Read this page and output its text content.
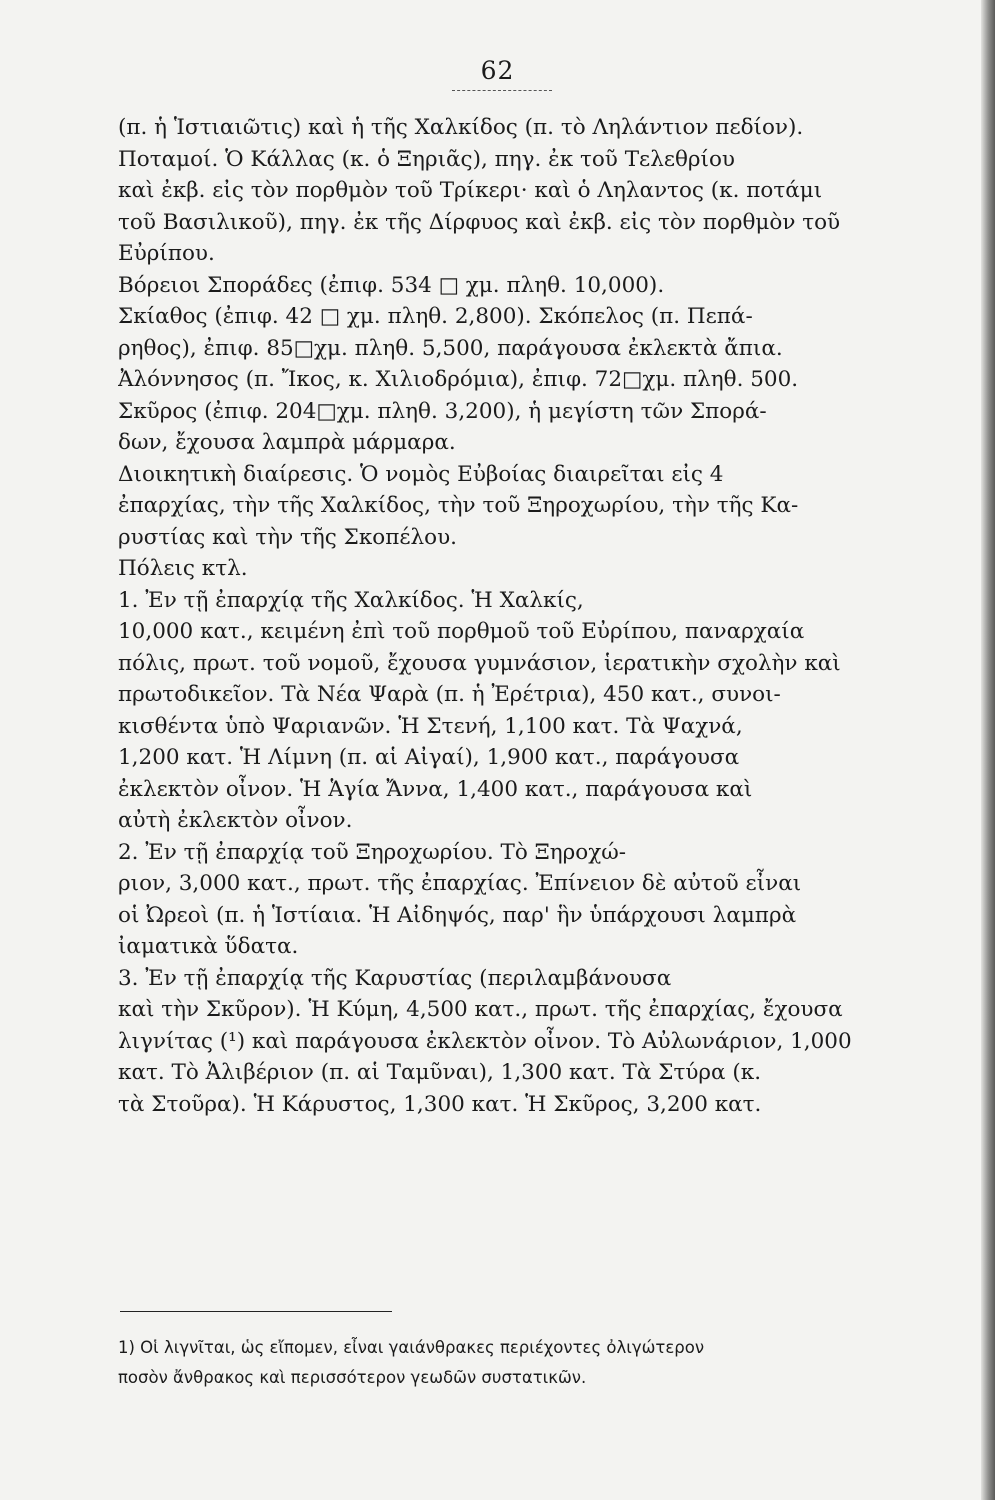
62
(π. ἡ Ἱστιαιῶτις) καὶ ἡ τῆς Χαλκίδος (π. τὸ Ληλάντιον πεδίον).
Ποταμοί. Ὁ Κάλλας (κ. ὁ Ξηριᾶς), πηγ. ἐκ τοῦ Τελεθρίου
καὶ ἐκβ. εἰς τὸν πορθμὸν τοῦ Τρίκερι· καὶ ὁ Ληλαντος (κ. ποτάμι
τοῦ Βασιλικοῦ), πηγ. ἐκ τῆς Δίρφυος καὶ ἐκβ. εἰς τὸν πορθμὸν τοῦ
Εὐρίπου.
Βόρειοι Σποράδες (ἐπιφ. 534 □ χμ. πληθ. 10,000).
Σκίαθος (ἐπιφ. 42 □ χμ. πληθ. 2,800). Σκόπελος (π. Πεπά-
ρηθος), ἐπιφ. 85□χμ. πληθ. 5,500, παράγουσα ἐκλεκτὰ ἄπια.
Ἀλόννησος (π. Ἴκος, κ. Χιλιοδρόμια), ἐπιφ. 72□χμ. πληθ. 500.
Σκῦρος (ἐπιφ. 204□χμ. πληθ. 3,200), ἡ μεγίστη τῶν Σπορά-
δων, ἔχουσα λαμπρὰ μάρμαρα.
Διοικητικὴ διαίρεσις. Ὁ νομὸς Εὐβοίας διαιρεῖται εἰς 4
ἐπαρχίας, τὴν τῆς Χαλκίδος, τὴν τοῦ Ξηροχωρίου, τὴν τῆς Κα-
ρυστίας καὶ τὴν τῆς Σκοπέλου.
Πόλεις κτλ.
1. Ἐν τῇ ἐπαρχίᾳ τῆς Χαλκίδος. Ἡ Χαλκίς,
10,000 κατ., κειμένη ἐπὶ τοῦ πορθμοῦ τοῦ Εὐρίπου, παναρχαία
πόλις, πρωτ. τοῦ νομοῦ, ἔχουσα γυμνάσιον, ἱερατικὴν σχολὴν καὶ
πρωτοδικεῖον. Τὰ Νέα Ψαρὰ (π. ἡ Ἐρέτρια), 450 κατ., συνοι-
κισθέντα ὑπὸ Ψαριανῶν. Ἡ Στενή, 1,100 κατ. Τὰ Ψαχνά,
1,200 κατ. Ἡ Λίμνη (π. αἱ Αἰγαί), 1,900 κατ., παράγουσα
ἐκλεκτὸν οἶνον. Ἡ Ἁγία Ἄννα, 1,400 κατ., παράγουσα καὶ
αὐτὴ ἐκλεκτὸν οἶνον.
2. Ἐν τῇ ἐπαρχίᾳ τοῦ Ξηροχωρίου. Τὸ Ξηροχώ-
ριον, 3,000 κατ., πρωτ. τῆς ἐπαρχίας. Ἐπίνειον δὲ αὐτοῦ εἶναι
οἱ Ὠρεοὶ (π. ἡ Ἱστίαια. Ἡ Αἰδηψός, παρ' ἣν ὑπάρχουσι λαμπρὰ
ἰαματικὰ ὕδατα.
3. Ἐν τῇ ἐπαρχίᾳ τῆς Καρυστίας (περιλαμβάνουσα
καὶ τὴν Σκῦρον). Ἡ Κύμη, 4,500 κατ., πρωτ. τῆς ἐπαρχίας, ἔχουσα
λιγνίτας (¹) καὶ παράγουσα ἐκλεκτὸν οἶνον. Τὸ Αὐλωνάριον, 1,000
κατ. Τὸ Ἀλιβέριον (π. αἱ Ταμῦναι), 1,300 κατ. Τὰ Στύρα (κ.
τὰ Στοῦρα). Ἡ Κάρυστος, 1,300 κατ. Ἡ Σκῦρος, 3,200 κατ.
1) Οἱ λιγνῖται, ὡς εἴπομεν, εἶναι γαιάνθρακες περιέχοντες ὀλιγώτερον
ποσὸν ἄνθρακος καὶ περισσότερον γεωδῶν συστατικῶν.
